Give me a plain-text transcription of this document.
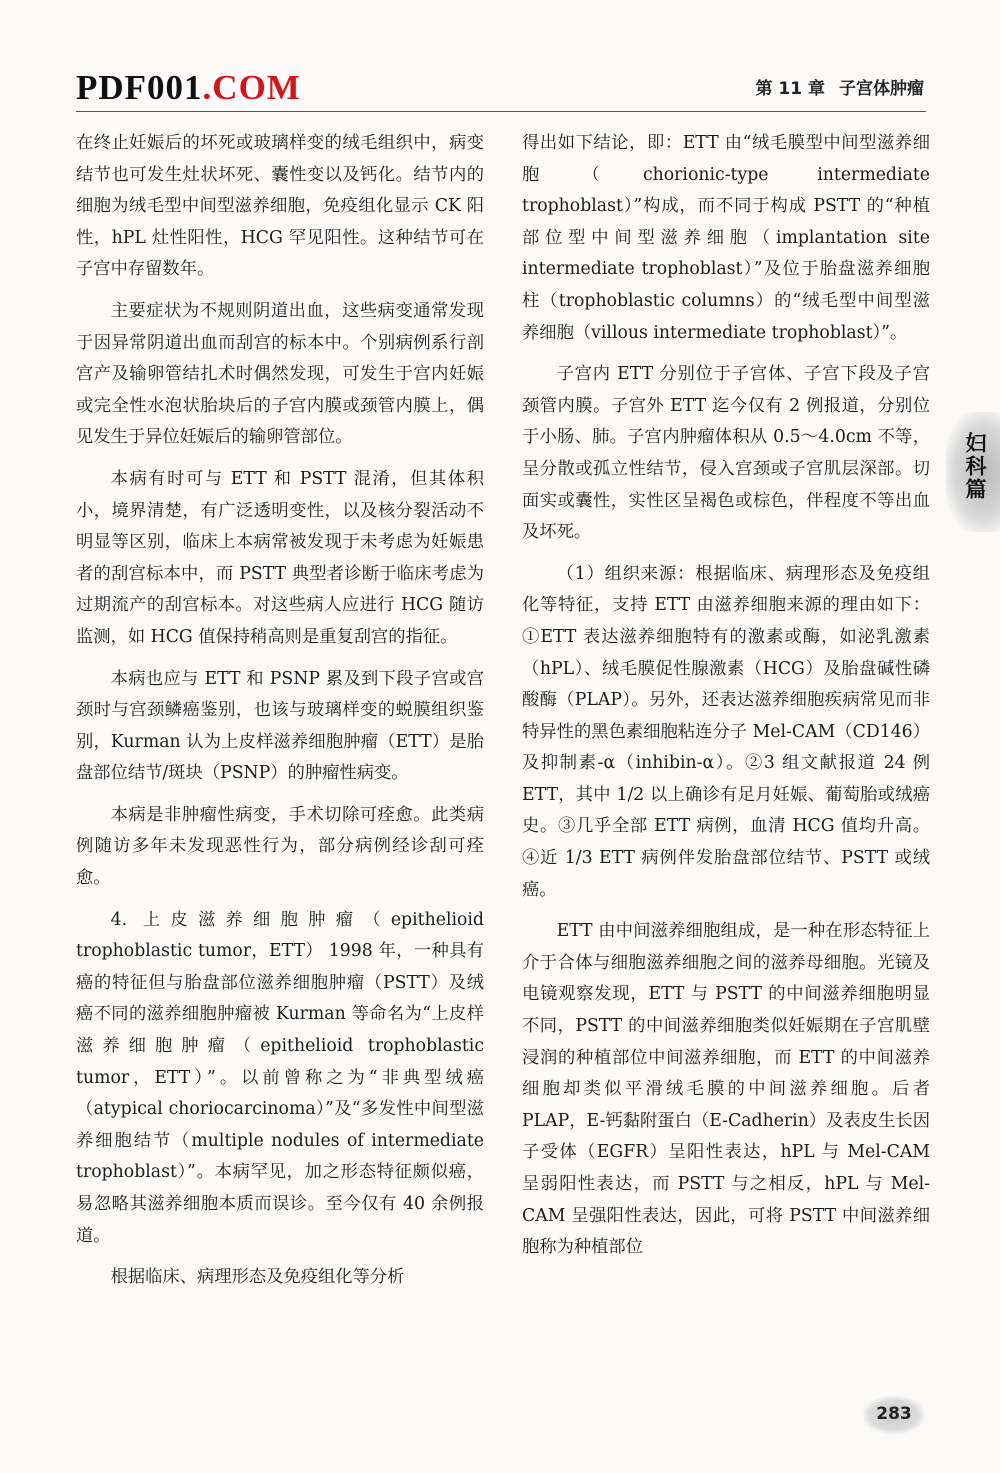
PDF001.COM	第 11 章 子宫体肿瘤

在终止妊娠后的坏死或玻璃样变的绒毛组织中，病变结节也可发生灶状坏死、囊性变以及钙化。结节内的细胞为绒毛型中间型滋养细胞，免疫组化显示 CK 阳性，hPL 灶性阳性，HCG 罕见阳性。这种结节可在子宫中存留数年。

主要症状为不规则阴道出血，这些病变通常发现于因异常阴道出血而刮宫的标本中。个别病例系行剖宫产及输卵管结扎术时偶然发现，可发生于宫内妊娠或完全性水泡状胎块后的子宫内膜或颈管内膜上，偶见发生于异位妊娠后的输卵管部位。

本病有时可与 ETT 和 PSTT 混淆，但其体积小，境界清楚，有广泛透明变性，以及核分裂活动不明显等区别，临床上本病常被发现于未考虑为妊娠患者的刮宫标本中，而 PSTT 典型者诊断于临床考虑为过期流产的刮宫标本。对这些病人应进行 HCG 随访监测，如 HCG 值保持稍高则是重复刮宫的指征。

本病也应与 ETT 和 PSNP 累及到下段子宫或宫颈时与宫颈鳞癌鉴别，也该与玻璃样变的蜕膜组织鉴别，Kurman 认为上皮样滋养细胞肿瘤（ETT）是胎盘部位结节/斑块（PSNP）的肿瘤性病变。

本病是非肿瘤性病变，手术切除可痊愈。此类病例随访多年未发现恶性行为，部分病例经诊刮可痊愈。

4. 上皮滋养细胞肿瘤（epithelioid trophoblastic tumor，ETT） 1998 年，一种具有癌的特征但与胎盘部位滋养细胞肿瘤（PSTT）及绒癌不同的滋养细胞肿瘤被 Kurman 等命名为“上皮样滋养细胞肿瘤（epithelioid trophoblastic tumor，ETT）”。以前曾称之为“非典型绒癌（atypical choriocarcinoma）”及“多发性中间型滋养细胞结节（multiple nodules of intermediate trophoblast）”。本病罕见，加之形态特征颇似癌，易忽略其滋养细胞本质而误诊。至今仅有 40 余例报道。

根据临床、病理形态及免疫组化等分析

得出如下结论，即：ETT 由“绒毛膜型中间型滋养细胞（chorionic-type intermediate trophoblast）”构成，而不同于构成 PSTT 的“种植部位型中间型滋养细胞（implantation site intermediate trophoblast）”及位于胎盘滋养细胞柱（trophoblastic columns）的“绒毛型中间型滋养细胞（villous intermediate trophoblast）”。

子宫内 ETT 分别位于子宫体、子宫下段及子宫颈管内膜。子宫外 ETT 迄今仅有 2 例报道，分别位于小肠、肺。子宫内肿瘤体积从 0.5～4.0cm 不等，呈分散或孤立性结节，侵入宫颈或子宫肌层深部。切面实或囊性，实性区呈褐色或棕色，伴程度不等出血及坏死。

（1）组织来源：根据临床、病理形态及免疫组化等特征，支持 ETT 由滋养细胞来源的理由如下：①ETT 表达滋养细胞特有的激素或酶，如泌乳激素（hPL）、绒毛膜促性腺激素（HCG）及胎盘碱性磷酸酶（PLAP）。另外，还表达滋养细胞疾病常见而非特异性的黑色素细胞粘连分子 Mel-CAM（CD146）及抑制素-α（inhibin-α）。②3 组文献报道 24 例 ETT，其中 1/2 以上确诊有足月妊娠、葡萄胎或绒癌史。③几乎全部 ETT 病例，血清 HCG 值均升高。④近 1/3 ETT 病例伴发胎盘部位结节、PSTT 或绒癌。

ETT 由中间滋养细胞组成，是一种在形态特征上介于合体与细胞滋养细胞之间的滋养母细胞。光镜及电镜观察发现，ETT 与 PSTT 的中间滋养细胞明显不同，PSTT 的中间滋养细胞类似妊娠期在子宫肌壁浸润的种植部位中间滋养细胞，而 ETT 的中间滋养细胞却类似平滑绒毛膜的中间滋养细胞。后者 PLAP，E-钙黏附蛋白（E-Cadherin）及表皮生长因子受体（EGFR）呈阳性表达，hPL 与 Mel-CAM 呈弱阳性表达，而 PSTT 与之相反，hPL 与 Mel-CAM 呈强阳性表达，因此，可将 PSTT 中间滋养细胞称为种植部位

妇科篇
283
